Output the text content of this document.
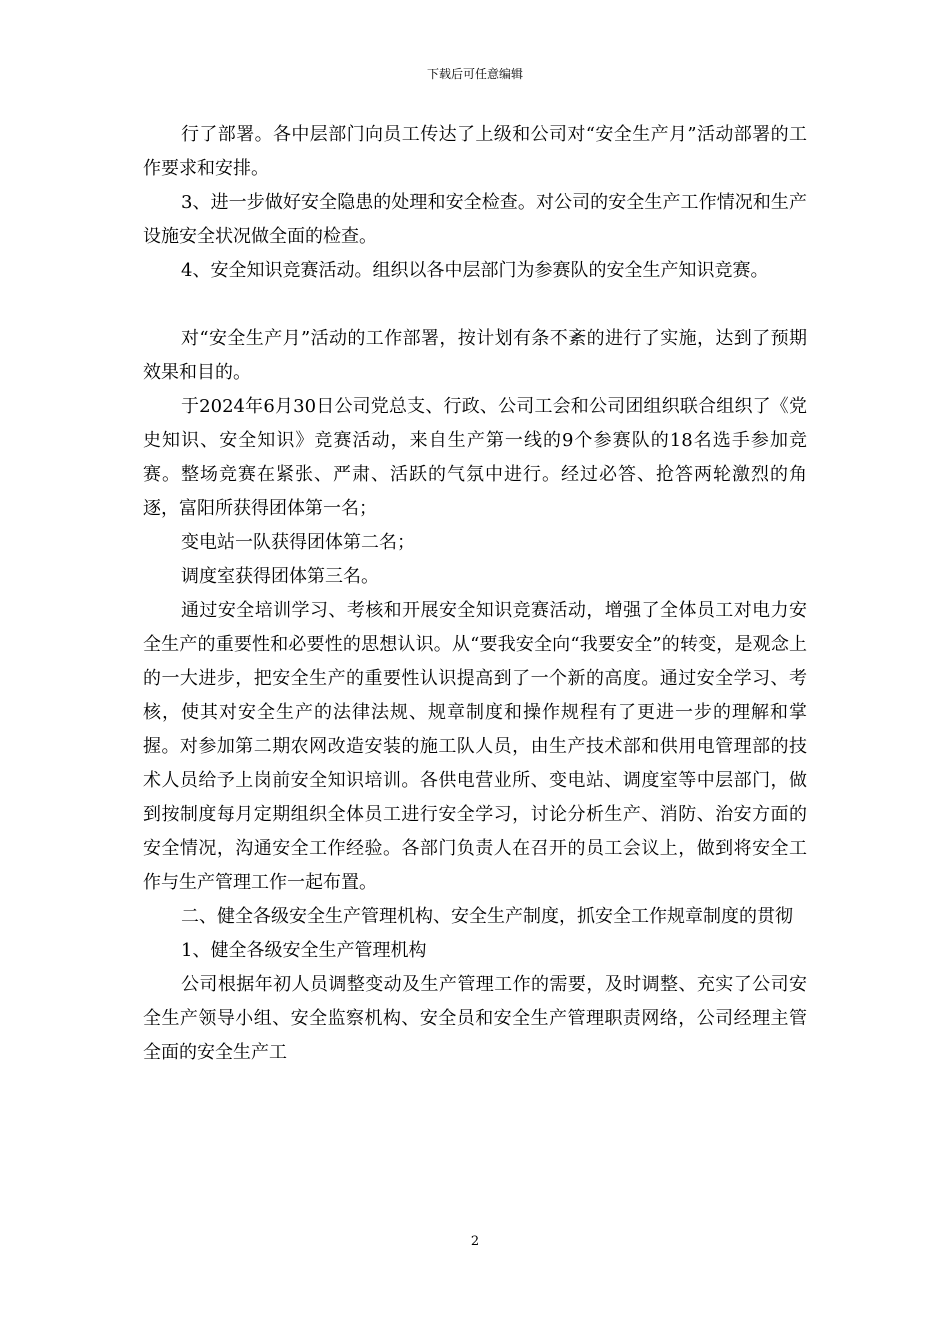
下载后可任意编辑

行了部署。各中层部门向员工传达了上级和公司对“安全生产月”活动部署的工作要求和安排。

3、进一步做好安全隐患的处理和安全检查。对公司的安全生产工作情况和生产设施安全状况做全面的检查。

4、安全知识竞赛活动。组织以各中层部门为参赛队的安全生产知识竞赛。

对“安全生产月”活动的工作部署，按计划有条不紊的进行了实施，达到了预期效果和目的。

于2024年6月30日公司党总支、行政、公司工会和公司团组织联合组织了《党史知识、安全知识》竞赛活动，来自生产第一线的9个参赛队的18名选手参加竞赛。整场竞赛在紧张、严肃、活跃的气氛中进行。经过必答、抢答两轮激烈的角逐，富阳所获得团体第一名；

变电站一队获得团体第二名；

调度室获得团体第三名。

通过安全培训学习、考核和开展安全知识竞赛活动，增强了全体员工对电力安全生产的重要性和必要性的思想认识。从“要我安全向“我要安全”的转变，是观念上的一大进步，把安全生产的重要性认识提高到了一个新的高度。通过安全学习、考核，使其对安全生产的法律法规、规章制度和操作规程有了更进一步的理解和掌握。对参加第二期农网改造安装的施工队人员，由生产技术部和供用电管理部的技术人员给予上岗前安全知识培训。各供电营业所、变电站、调度室等中层部门，做到按制度每月定期组织全体员工进行安全学习，讨论分析生产、消防、治安方面的安全情况，沟通安全工作经验。各部门负责人在召开的员工会议上，做到将安全工作与生产管理工作一起布置。

二、健全各级安全生产管理机构、安全生产制度，抓安全工作规章制度的贯彻

1、健全各级安全生产管理机构

公司根据年初人员调整变动及生产管理工作的需要，及时调整、充实了公司安全生产领导小组、安全监察机构、安全员和安全生产管理职责网络，公司经理主管全面的安全生产工

2
